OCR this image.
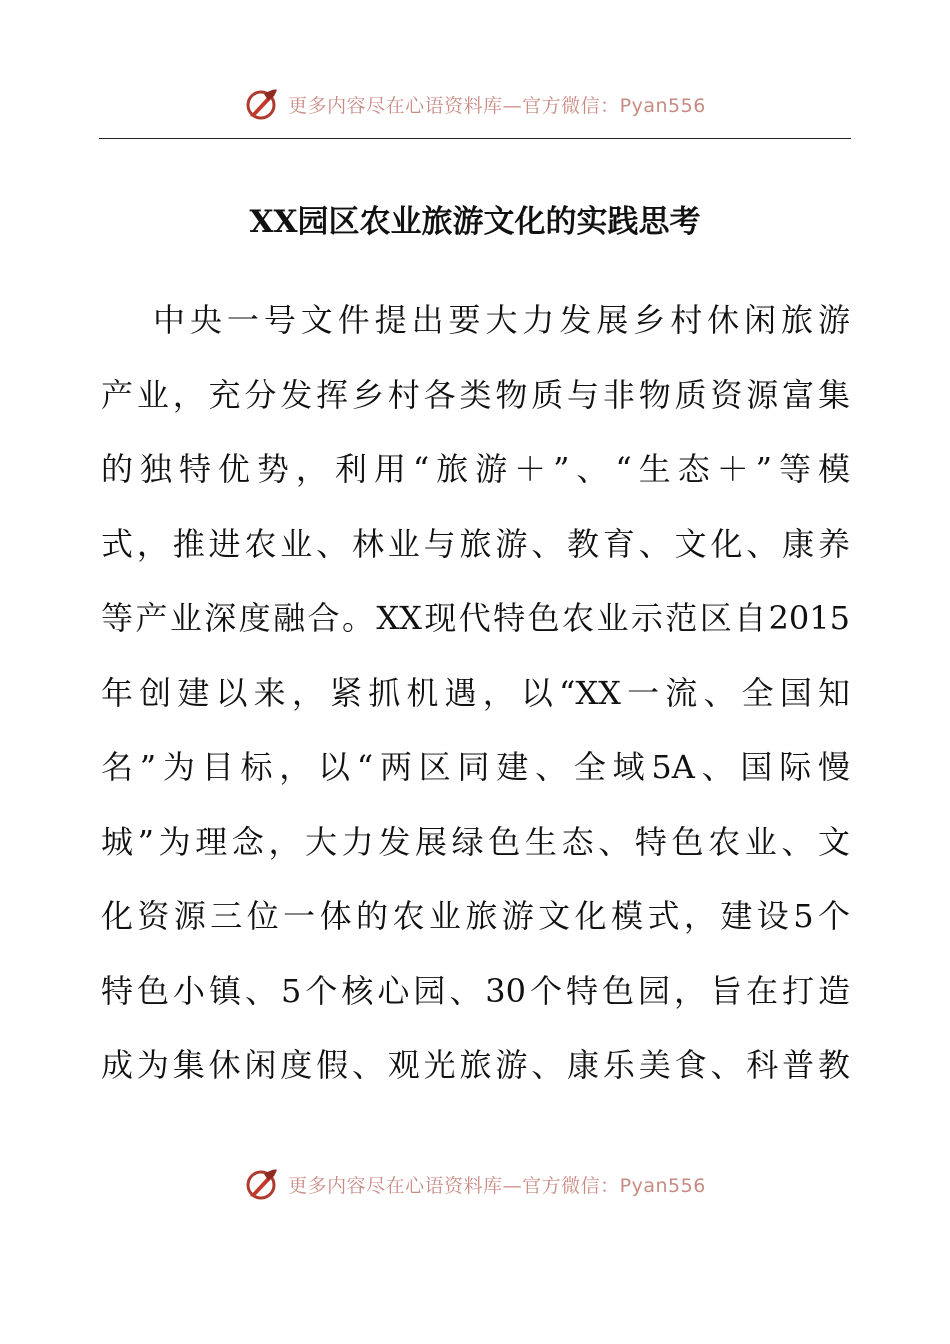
更多内容尽在心语资料库—官方微信：Pyan556
XX园区农业旅游文化的实践思考
中央一号文件提出要大力发展乡村休闲旅游
产业，充分发挥乡村各类物质与非物质资源富集
的独特优势，利用“旅游＋”、“生态＋”等模
式，推进农业、林业与旅游、教育、文化、康养
等产业深度融合。XX现代特色农业示范区自2015
年创建以来，紧抓机遇，以“XX一流、全国知
名”为目标，以“两区同建、全域5A、国际慢
城”为理念，大力发展绿色生态、特色农业、文
化资源三位一体的农业旅游文化模式，建设5个
特色小镇、5个核心园、30个特色园，旨在打造
成为集休闲度假、观光旅游、康乐美食、科普教
更多内容尽在心语资料库—官方微信：Pyan556
